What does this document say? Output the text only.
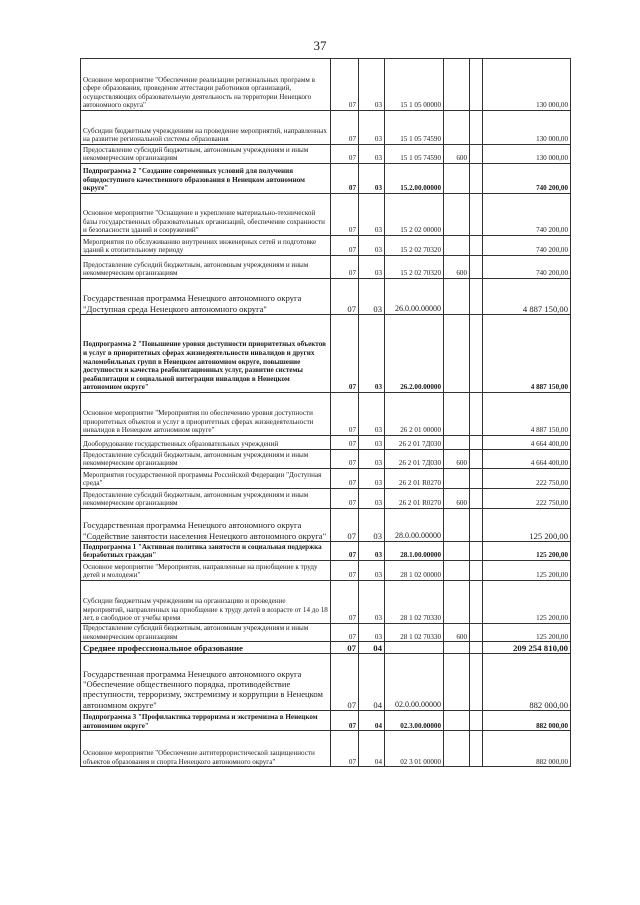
37
Основное мероприятие "Обеспечение реализации региональных программ в сфере образования, проведение аттестации работников организаций, осуществляющих образовательную деятельность на территории Ненецкого автономного округа"	07	03	15 1 05 00000			130 000,00
Субсидии бюджетным учреждениям на проведение мероприятий, направленных на развитие региональной системы образования	07	03	15 1 05 74590			130 000,00
Предоставление субсидий бюджетным, автономным учреждениям и иным некоммерческим организациям	07	03	15 1 05 74590	600		130 000,00
Подпрограмма 2 "Создание современных условий для получения общедоступного качественного образования в Ненецком автономном округе"	07	03	15.2.00.00000			740 200,00
Основное мероприятие "Оснащение и укрепление материально-технической базы государственных образовательных организаций, обеспечение сохранности и безопасности зданий и сооружений"	07	03	15 2 02 00000			740 200,00
Мероприятия по обслуживанию внутренних инженерных сетей и подготовке зданий к отопительному периоду	07	03	15 2 02 70320			740 200,00
Предоставление субсидий бюджетным, автономным учреждениям и иным некоммерческим организациям	07	03	15 2 02 70320	600		740 200,00
Государственная программа Ненецкого автономного округа "Доступная среда Ненецкого автономного округа"	07	03	26.0.00.00000			4 887 150,00
Подпрограмма 2 "Повышение уровня доступности приоритетных объектов и услуг в приоритетных сферах жизнедеятельности инвалидов и других маломобильных групп в Ненецком автономном округе, повышение доступности и качества реабилитационных услуг, развитие системы реабилитации и социальной интеграции инвалидов в Ненецком автономном округе"	07	03	26.2.00.00000			4 887 150,00
Основное мероприятие "Мероприятия по обеспечению уровня доступности приоритетных объектов и услуг в приоритетных сферах жизнедеятельности инвалидов в Ненецком автономном округе"	07	03	26 2 01 00000			4 887 150,00
Дооборудование государственных образовательных учреждений	07	03	26 2 01 7Д030			4 664 400,00
Предоставление субсидий бюджетным, автономным учреждениям и иным некоммерческим организациям	07	03	26 2 01 7Д030	600		4 664 400,00
Мероприятия государственной программы Российской Федерации "Доступная среда"	07	03	26 2 01 R0270			222 750,00
Предоставление субсидий бюджетным, автономным учреждениям и иным некоммерческим организациям	07	03	26 2 01 R0270	600		222 750,00
Государственная программа Ненецкого автономного округа "Содействие занятости населения Ненецкого автономного округа"	07	03	28.0.00.00000			125 200,00
Подпрограмма 1 "Активная политика занятости и социальная поддержка безработных граждан"	07	03	28.1.00.00000			125 200,00
Основное мероприятие "Мероприятия, направленные на приобщение к труду детей и молодежи"	07	03	28 1 02 00000			125 200,00
Субсидии бюджетным учреждениям на организацию и проведение мероприятий, направленных на приобщение к труду детей в возрасте от 14 до 18 лет, в свободное от учебы время	07	03	28 1 02 70330			125 200,00
Предоставление субсидий бюджетным, автономным учреждениям и иным некоммерческим организациям	07	03	28 1 02 70330	600		125 200,00
Среднее профессиональное образование	07	04				209 254 810,00
Государственная программа Ненецкого автономного округа "Обеспечение общественного порядка, противодействие преступности, терроризму, экстремизму и коррупции в Ненецком автономном округе"	07	04	02.0.00.00000			882 000,00
Подпрограмма 3 "Профилактика терроризма и экстремизма в Ненецком автономном округе"	07	04	02.3.00.00000			882 000,00
Основное мероприятие "Обеспечение антитеррористической защищенности объектов образования и спорта Ненецкого автономного округа"	07	04	02 3 01 00000			882 000,00
